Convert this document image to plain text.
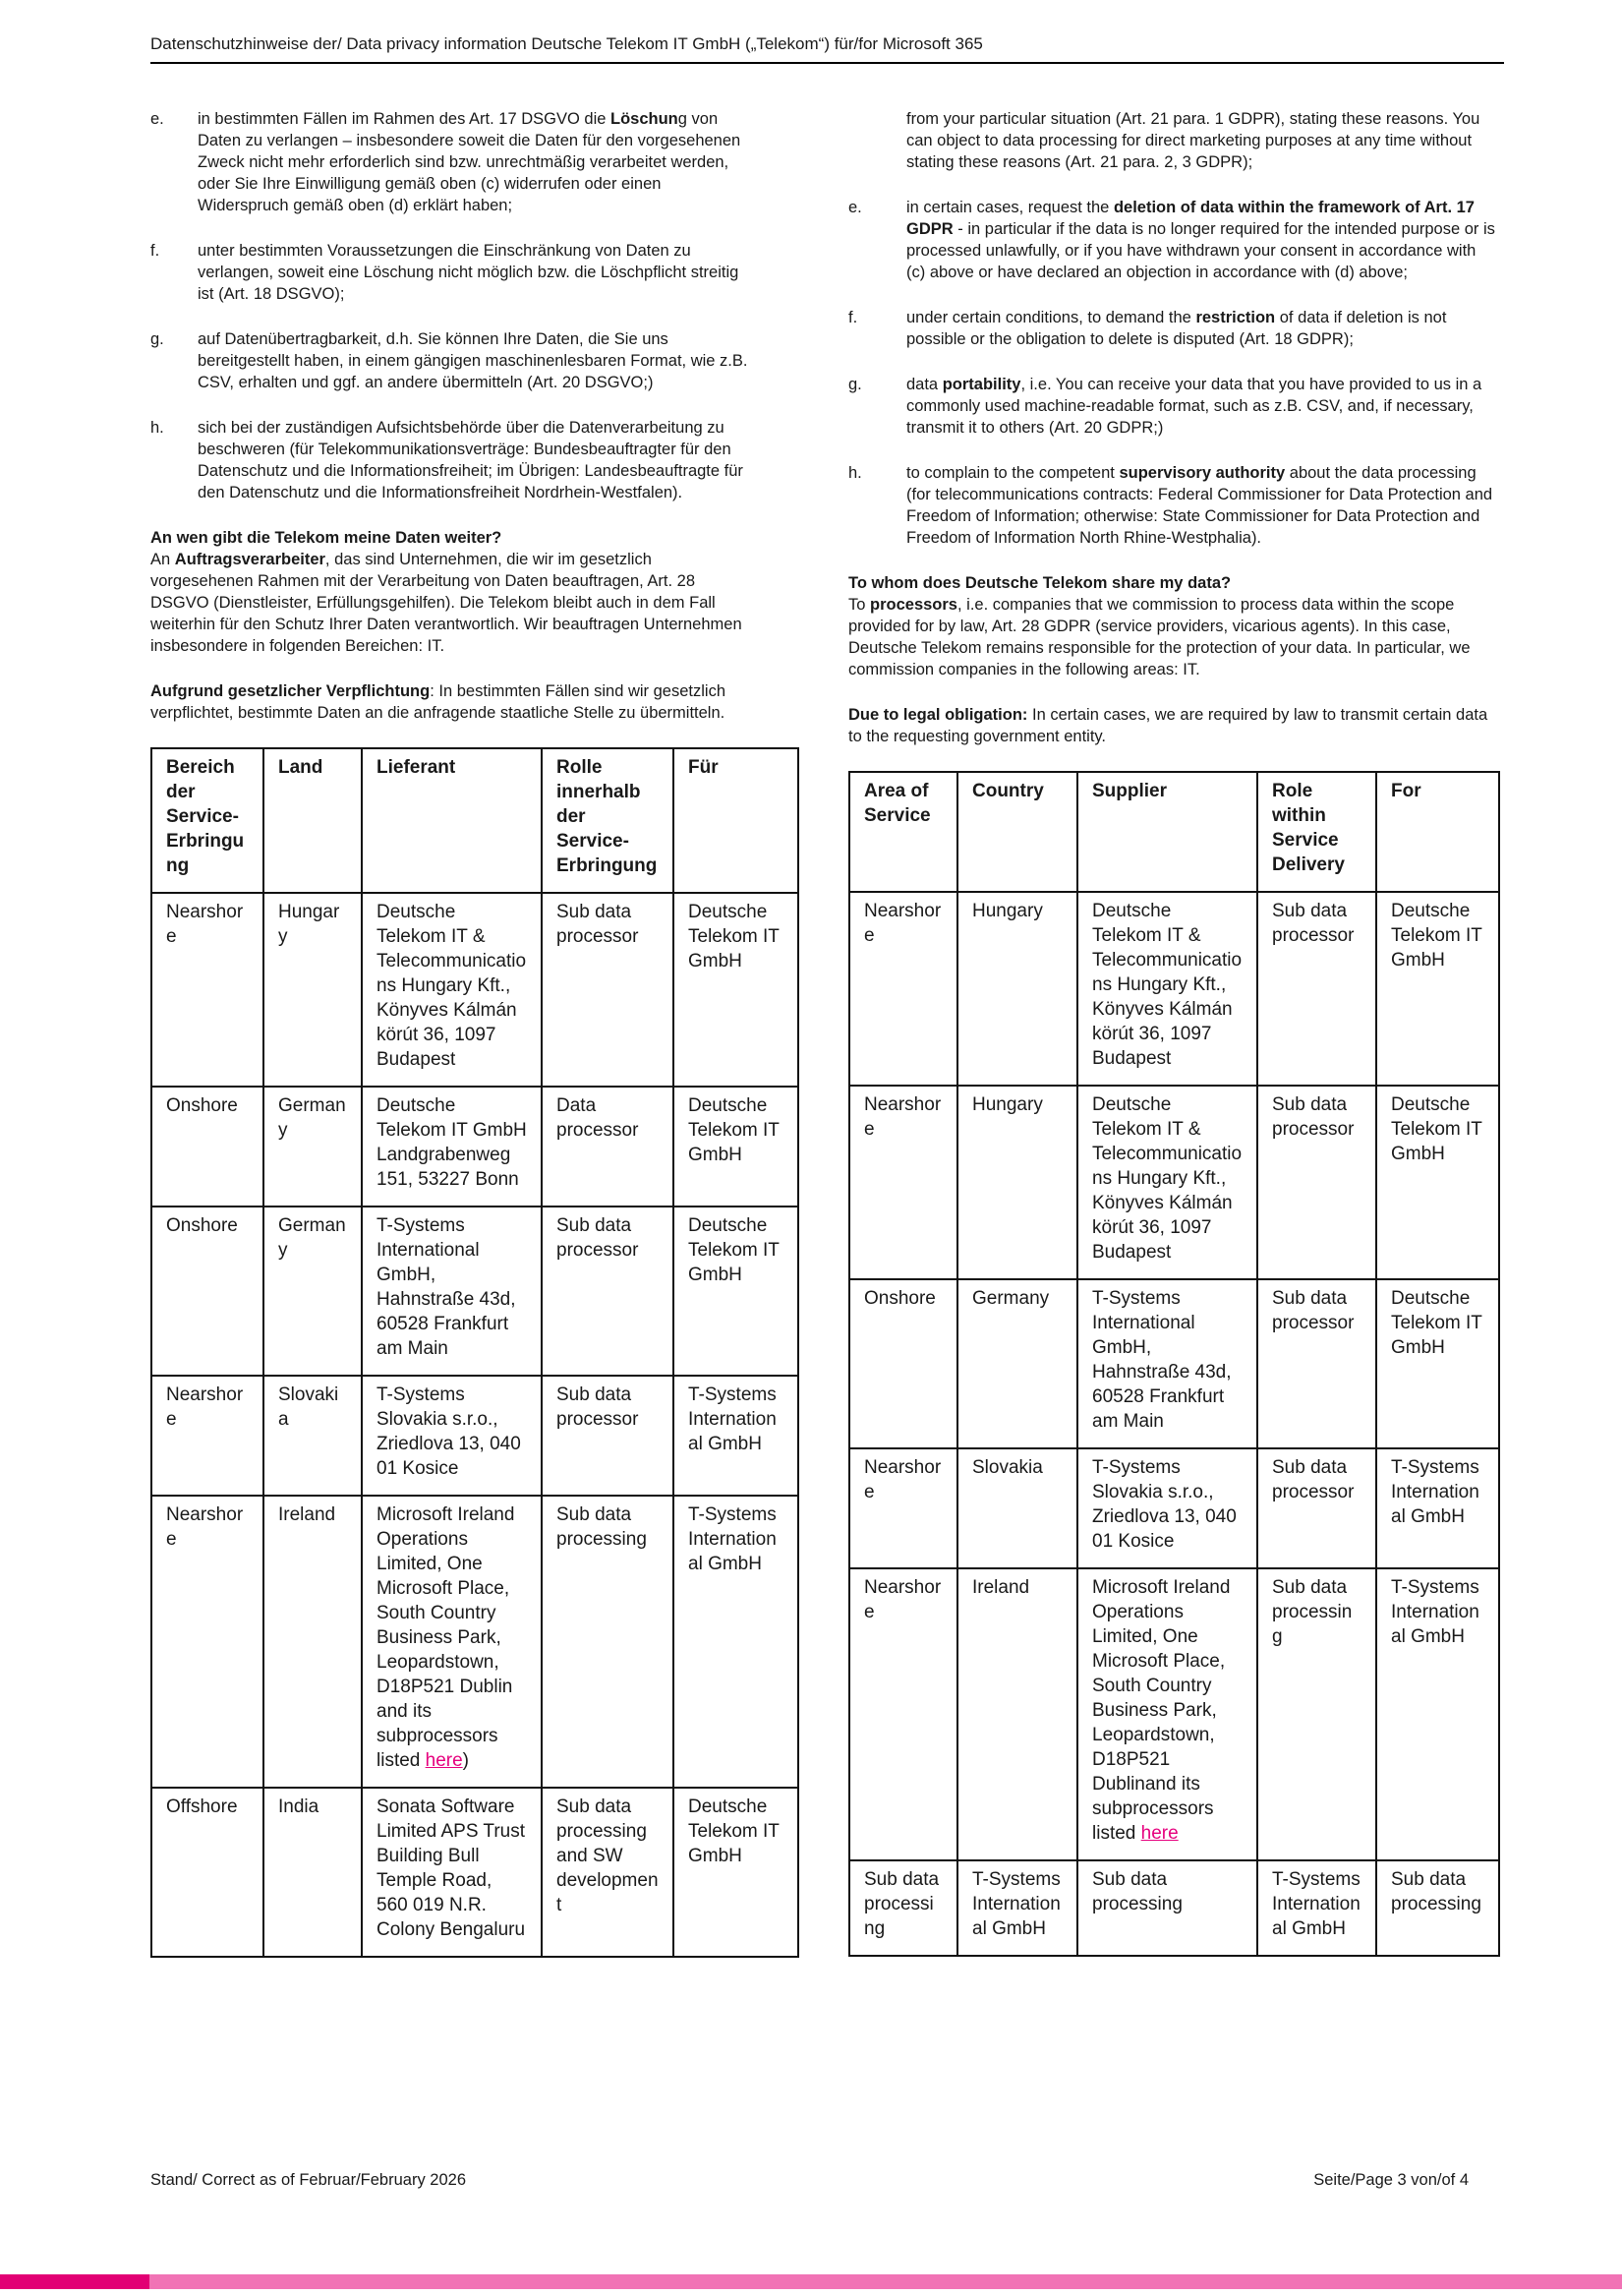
Datenschutzhinweise der/ Data privacy information Deutsche Telekom IT GmbH („Telekom“) für/for Microsoft 365
e.	in bestimmten Fällen im Rahmen des Art. 17 DSGVO die Löschung von Daten zu verlangen – insbesondere soweit die Daten für den vorgesehenen Zweck nicht mehr erforderlich sind bzw. unrechtmäßig verarbeitet werden, oder Sie Ihre Einwilligung gemäß oben (c) widerrufen oder einen Widerspruch gemäß oben (d) erklärt haben;
f.	unter bestimmten Voraussetzungen die Einschränkung von Daten zu verlangen, soweit eine Löschung nicht möglich bzw. die Löschpflicht streitig ist (Art. 18 DSGVO);
g.	auf Datenübertragbarkeit, d.h. Sie können Ihre Daten, die Sie uns bereitgestellt haben, in einem gängigen maschinenlesbaren Format, wie z.B. CSV, erhalten und ggf. an andere übermitteln (Art. 20 DSGVO;)
h.	sich bei der zuständigen Aufsichtsbehörde über die Datenverarbeitung zu beschweren (für Telekommunikationsverträge: Bundesbeauftragter für den Datenschutz und die Informationsfreiheit; im Übrigen: Landesbeauftragte für den Datenschutz und die Informationsfreiheit Nordrhein-Westfalen).
An wen gibt die Telekom meine Daten weiter?
An Auftragsverarbeiter, das sind Unternehmen, die wir im gesetzlich vorgesehenen Rahmen mit der Verarbeitung von Daten beauftragen, Art. 28 DSGVO (Dienstleister, Erfüllungsgehilfen). Die Telekom bleibt auch in dem Fall weiterhin für den Schutz Ihrer Daten verantwortlich. Wir beauftragen Unternehmen insbesondere in folgenden Bereichen: IT.
Aufgrund gesetzlicher Verpflichtung: In bestimmten Fällen sind wir gesetzlich verpflichtet, bestimmte Daten an die anfragende staatliche Stelle zu übermitteln.
Bereich der Service-Erbringung	Land	Lieferant	Rolle innerhalb der Service-Erbringung	Für
Nearshore	Hungary	Deutsche Telekom IT & Telecommunications Hungary Kft., Könyves Kálmán körút 36, 1097 Budapest	Sub data processor	Deutsche Telekom IT GmbH
Onshore	Germany	Deutsche Telekom IT GmbH Landgrabenweg 151, 53227 Bonn	Data processor	Deutsche Telekom IT GmbH
Onshore	Germany	T-Systems International GmbH, Hahnstraße 43d, 60528 Frankfurt am Main	Sub data processor	Deutsche Telekom IT GmbH
Nearshore	Slovakia	T-Systems Slovakia s.r.o., Zriedlova 13, 040 01 Kosice	Sub data processor	T-Systems International GmbH
Nearshore	Ireland	Microsoft Ireland Operations Limited, One Microsoft Place, South Country Business Park, Leopardstown, D18P521 Dublin and its subprocessors listed here)	Sub data processing	T-Systems International GmbH
Offshore	India	Sonata Software Limited APS Trust Building Bull Temple Road, 560 019 N.R. Colony Bengaluru	Sub data processing and SW development	Deutsche Telekom IT GmbH
from your particular situation (Art. 21 para. 1 GDPR), stating these reasons. You can object to data processing for direct marketing purposes at any time without stating these reasons (Art. 21 para. 2, 3 GDPR);
e.	in certain cases, request the deletion of data within the framework of Art. 17 GDPR - in particular if the data is no longer required for the intended purpose or is processed unlawfully, or if you have withdrawn your consent in accordance with (c) above or have declared an objection in accordance with (d) above;
f.	under certain conditions, to demand the restriction of data if deletion is not possible or the obligation to delete is disputed (Art. 18 GDPR);
g.	data portability, i.e. You can receive your data that you have provided to us in a commonly used machine-readable format, such as z.B. CSV, and, if necessary, transmit it to others (Art. 20 GDPR;)
h.	to complain to the competent supervisory authority about the data processing (for telecommunications contracts: Federal Commissioner for Data Protection and Freedom of Information; otherwise: State Commissioner for Data Protection and Freedom of Information North Rhine-Westphalia).
To whom does Deutsche Telekom share my data?
To processors, i.e. companies that we commission to process data within the scope provided for by law, Art. 28 GDPR (service providers, vicarious agents). In this case, Deutsche Telekom remains responsible for the protection of your data. In particular, we commission companies in the following areas: IT.
Due to legal obligation: In certain cases, we are required by law to transmit certain data to the requesting government entity.
Area of Service	Country	Supplier	Role within Service Delivery	For
Nearshore	Hungary	Deutsche Telekom IT & Telecommunications Hungary Kft., Könyves Kálmán körút 36, 1097 Budapest	Sub data processor	Deutsche Telekom IT GmbH
Nearshore	Hungary	Deutsche Telekom IT & Telecommunications Hungary Kft., Könyves Kálmán körút 36, 1097 Budapest	Sub data processor	Deutsche Telekom IT GmbH
Onshore	Germany	T-Systems International GmbH, Hahnstraße 43d, 60528 Frankfurt am Main	Sub data processor	Deutsche Telekom IT GmbH
Nearshore	Slovakia	T-Systems Slovakia s.r.o., Zriedlova 13, 040 01 Kosice	Sub data processor	T-Systems International GmbH
Nearshore	Ireland	Microsoft Ireland Operations Limited, One Microsoft Place, South Country Business Park, Leopardstown, D18P521 Dublinand its subprocessors listed here	Sub data processing	T-Systems International GmbH
Sub data processing	T-Systems International GmbH	Sub data processing	T-Systems International GmbH	Sub data processing
Stand/ Correct as of Februar/February 2026	Seite/Page 3 von/of 4
